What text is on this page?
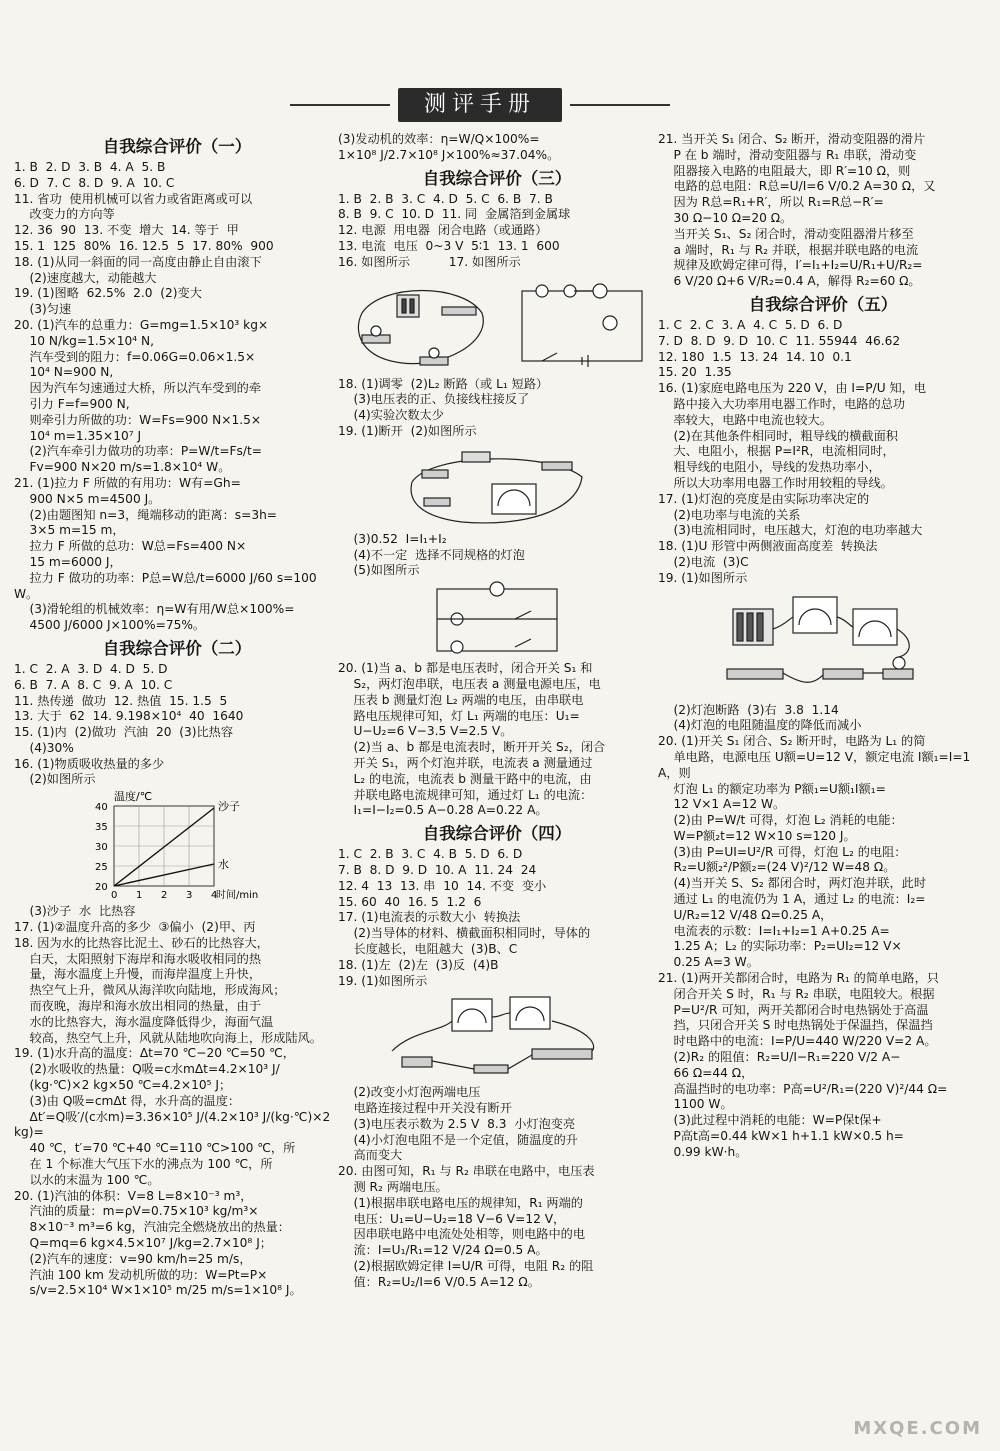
测评手册
自我综合评价（一）
1. B  2. D  3. B  4. A  5. B
6. D  7. C  8. D  9. A  10. C
11. 省功  使用机械可以省力或省距离或可以
改变力的方向等
12. 36  90  13. 不变  增大  14. 等于  甲
15. 1  125  80%  16. 12.5  5  17. 80%  900
18. (1)从同一斜面的同一高度由静止自由滚下
(2)速度越大，动能越大
19. (1)图略  62.5%  2.0  (2)变大
(3)匀速
20. (1)汽车的总重力：G=mg=1.5×10³ kg×
10 N/kg=1.5×10⁴ N,
汽车受到的阻力：f=0.06G=0.06×1.5×
10⁴ N=900 N,
因为汽车匀速通过大桥，所以汽车受到的牵
引力 F=f=900 N,
则牵引力所做的功：W=Fs=900 N×1.5×
10⁴ m=1.35×10⁷ J
(2)汽车牵引力做功的功率：P=W/t=Fs/t=
Fv=900 N×20 m/s=1.8×10⁴ W。
21. (1)拉力 F 所做的有用功：W有=Gh=
900 N×5 m=4500 J。
(2)由题图知 n=3，绳端移动的距离：s=3h=
3×5 m=15 m，
拉力 F 所做的总功：W总=Fs=400 N×
15 m=6000 J，
拉力 F 做功的功率：P总=W总/t=6000 J/60 s=100 W。
(3)滑轮组的机械效率：η=W有用/W总×100%=
4500 J/6000 J×100%=75%。
自我综合评价（二）
1. C  2. A  3. D  4. D  5. D
6. B  7. A  8. C  9. A  10. C
11. 热传递  做功  12. 热值  15. 1.5  5
13. 大于  62  14. 9.198×10⁴  40  1640
15. (1)内  (2)做功  汽油  20  (3)比热容
(4)30%
16. (1)物质吸收热量的多少
(2)如图所示
温度/℃
40
35
30
25
20
0 1 2 3 4
沙子
水
时间/min
(3)沙子  水  比热容
17. (1)②温度升高的多少  ③偏小  (2)甲、丙
18. 因为水的比热容比泥土、砂石的比热容大，
白天，太阳照射下海岸和海水吸收相同的热
量，海水温度上升慢，而海岸温度上升快，
热空气上升，微风从海洋吹向陆地，形成海风；
而夜晚，海岸和海水放出相同的热量，由于
水的比热容大，海水温度降低得少，海面气温
较高，热空气上升，风就从陆地吹向海上，形成陆风。
19. (1)水升高的温度：Δt=70 ℃−20 ℃=50 ℃，
(2)水吸收的热量：Q吸=c水mΔt=4.2×10³ J/
(kg·℃)×2 kg×50 ℃=4.2×10⁵ J；
(3)由 Q吸=cmΔt 得，水升高的温度：
Δt′=Q吸′/(c水m)=3.36×10⁵ J/(4.2×10³ J/(kg·℃)×2 kg)=
40 ℃，t′=70 ℃+40 ℃=110 ℃>100 ℃，所
在 1 个标准大气压下水的沸点为 100 ℃，所
以水的末温为 100 ℃。
20. (1)汽油的体积：V=8 L=8×10⁻³ m³，
汽油的质量：m=ρV=0.75×10³ kg/m³×
8×10⁻³ m³=6 kg，汽油完全燃烧放出的热量：
Q=mq=6 kg×4.5×10⁷ J/kg=2.7×10⁸ J；
(2)汽车的速度：v=90 km/h=25 m/s，
汽油 100 km 发动机所做的功：W=Pt=P×
s/v=2.5×10⁴ W×1×10⁵ m/25 m/s=1×10⁸ J。
(3)发动机的效率：η=W/Q×100%=
1×10⁸ J/2.7×10⁸ J×100%≈37.04%。
自我综合评价（三）
1. B  2. B  3. C  4. D  5. C  6. B  7. B
8. B  9. C  10. D  11. 同  金属箔到金属球
12. 电源  用电器  闭合电路（或通路）
13. 电流  电压  0~3 V  5∶1  13. 1  600
16. 如图所示          17. 如图所示
18. (1)调零  (2)L₂ 断路（或 L₁ 短路）
(3)电压表的正、负接线柱接反了
(4)实验次数太少
19. (1)断开  (2)如图所示
(3)0.52  I=I₁+I₂
(4)不一定  选择不同规格的灯泡
(5)如图所示
20. (1)当 a、b 都是电压表时，闭合开关 S₁ 和
S₂，两灯泡串联，电压表 a 测量电源电压，电
压表 b 测量灯泡 L₂ 两端的电压，由串联电
路电压规律可知，灯 L₁ 两端的电压：U₁=
U−U₂=6 V−3.5 V=2.5 V。
(2)当 a、b 都是电流表时，断开开关 S₂，闭合
开关 S₁，两个灯泡并联，电流表 a 测量通过
L₂ 的电流，电流表 b 测量干路中的电流，由
并联电路电流规律可知，通过灯 L₁ 的电流：
I₁=I−I₂=0.5 A−0.28 A=0.22 A。
自我综合评价（四）
1. C  2. B  3. C  4. B  5. D  6. D
7. B  8. D  9. D  10. A  11. 24  24
12. 4  13  13. 串  10  14. 不变  变小
15. 60  40  16. 5  1.2  6
17. (1)电流表的示数大小  转换法
(2)当导体的材料、横截面积相同时，导体的
长度越长，电阻越大  (3)B、C
18. (1)左  (2)左  (3)反  (4)B
19. (1)如图所示
(2)改变小灯泡两端电压
电路连接过程中开关没有断开
(3)电压表示数为 2.5 V  8.3  小灯泡变亮
(4)小灯泡电阻不是一个定值，随温度的升
高而变大
20. 由图可知，R₁ 与 R₂ 串联在电路中，电压表
测 R₂ 两端电压。
(1)根据串联电路电压的规律知，R₁ 两端的
电压：U₁=U−U₂=18 V−6 V=12 V，
因串联电路中电流处处相等，则电路中的电
流：I=U₁/R₁=12 V/24 Ω=0.5 A。
(2)根据欧姆定律 I=U/R 可得，电阻 R₂ 的阻
值：R₂=U₂/I=6 V/0.5 A=12 Ω。
21. 当开关 S₁ 闭合、S₂ 断开，滑动变阻器的滑片
P 在 b 端时，滑动变阻器与 R₁ 串联，滑动变
阻器接入电路的电阻最大，即 R′=10 Ω，则
电路的总电阻：R总=U/I=6 V/0.2 A=30 Ω，又
因为 R总=R₁+R′，所以 R₁=R总−R′=
30 Ω−10 Ω=20 Ω。
当开关 S₁、S₂ 闭合时，滑动变阻器滑片移至
a 端时，R₁ 与 R₂ 并联，根据并联电路的电流
规律及欧姆定律可得，I′=I₁+I₂=U/R₁+U/R₂=
6 V/20 Ω+6 V/R₂=0.4 A，解得 R₂=60 Ω。
自我综合评价（五）
1. C  2. C  3. A  4. C  5. D  6. D
7. D  8. D  9. D  10. C  11. 55944  46.62
12. 180  1.5  13. 24  14. 10  0.1
15. 20  1.35
16. (1)家庭电路电压为 220 V，由 I=P/U 知，电
路中接入大功率用电器工作时，电路的总功
率较大，电路中电流也较大。
(2)在其他条件相同时，粗导线的横截面积
大、电阻小，根据 P=I²R，电流相同时，
粗导线的电阻小，导线的发热功率小，
所以大功率用电器工作时用较粗的导线。
17. (1)灯泡的亮度是由实际功率决定的
(2)电功率与电流的关系
(3)电流相同时，电压越大，灯泡的电功率越大
18. (1)U 形管中两侧液面高度差  转换法
(2)电流  (3)C
19. (1)如图所示
(2)灯泡断路  (3)右  3.8  1.14
(4)灯泡的电阻随温度的降低而减小
20. (1)开关 S₁ 闭合、S₂ 断开时，电路为 L₁ 的简
单电路，电源电压 U额=U=12 V，额定电流 I额₁=I=1 A，则
灯泡 L₁ 的额定功率为 P额₁=U额₁I额₁=
12 V×1 A=12 W。
(2)由 P=W/t 可得，灯泡 L₂ 消耗的电能：
W=P额₂t=12 W×10 s=120 J。
(3)由 P=UI=U²/R 可得，灯泡 L₂ 的电阻：
R₂=U额₂²/P额₂=(24 V)²/12 W=48 Ω。
(4)当开关 S、S₂ 都闭合时，两灯泡并联，此时
通过 L₁ 的电流仍为 1 A，通过 L₂ 的电流：I₂=
U/R₂=12 V/48 Ω=0.25 A，
电流表的示数：I=I₁+I₂=1 A+0.25 A=
1.25 A；L₂ 的实际功率：P₂=UI₂=12 V×
0.25 A=3 W。
21. (1)两开关都闭合时，电路为 R₁ 的简单电路，只
闭合开关 S 时，R₁ 与 R₂ 串联，电阻较大。根据
P=U²/R 可知，两开关都闭合时电热锅处于高温
挡，只闭合开关 S 时电热锅处于保温挡，保温挡
时电路中的电流：I=P/U=440 W/220 V=2 A。
(2)R₂ 的阻值：R₂=U/I−R₁=220 V/2 A−
66 Ω=44 Ω，
高温挡时的电功率：P高=U²/R₁=(220 V)²/44 Ω=
1100 W。
(3)此过程中消耗的电能：W=P保t保+
P高t高=0.44 kW×1 h+1.1 kW×0.5 h=
0.99 kW·h。
MXQE.COM
